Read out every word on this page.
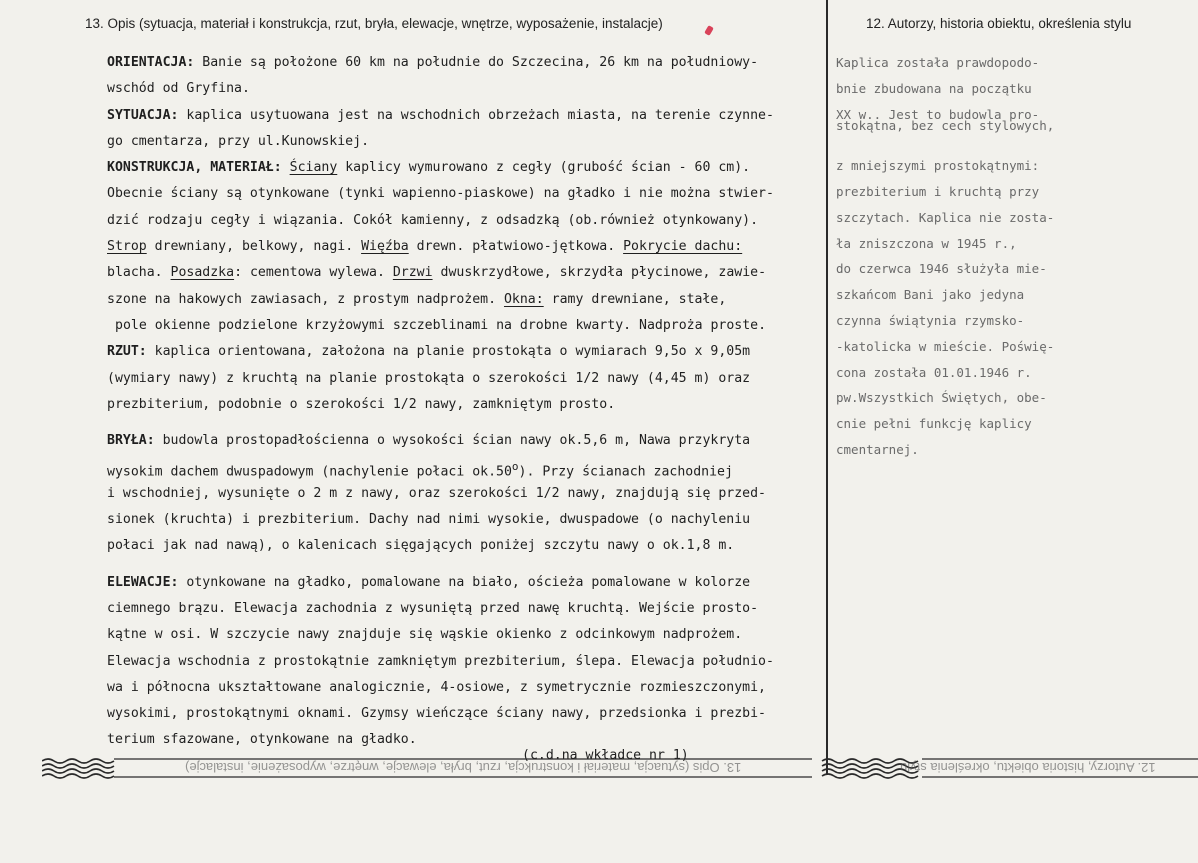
13. Opis (sytuacja, materiał i konstrukcja, rzut, bryła, elewacje, wnętrze, wyposażenie, instalacje)	12. Autorzy, historia obiektu, określenia stylu
ORIENTACJA: Banie są położone 60 km na południe do Szczecina, 26 km na południowy-
wschód od Gryfina.
SYTUACJA: kaplica usytuowana jest na wschodnich obrzeżach miasta, na terenie czynne-
go cmentarza, przy ul.Kunowskiej.
KONSTRUKCJA, MATERIAŁ: Ściany kaplicy wymurowano z cegły (grubość ścian - 60 cm).
Obecnie ściany są otynkowane (tynki wapienno-piaskowe) na gładko i nie można stwier-
dzić rodzaju cegły i wiązania. Cokół kamienny, z odsadzką (ob.również otynkowany).
Strop drewniany, belkowy, nagi. Więźba drewn. płatwiowo-jętkowa. Pokrycie dachu:
blacha. Posadzka: cementowa wylewa. Drzwi dwuskrzydłowe, skrzydła płycinowe, zawie-
szone na hakowych zawiasach, z prostym nadprożem. Okna: ramy drewniane, stałe,
pole okienne podzielone krzyżowymi szczeblinami na drobne kwarty. Nadproża proste.
RZUT: kaplica orientowana, założona na planie prostokąta o wymiarach 9,5o x 9,05m
(wymiary nawy) z kruchtą na planie prostokąta o szerokości 1/2 nawy (4,45 m) oraz
prezbiterium, podobnie o szerokości 1/2 nawy, zamkniętym prosto.
BRYŁA: budowla prostopadłościenna o wysokości ścian nawy ok.5,6 m, Nawa przykryta
wysokim dachem dwuspadowym (nachylenie połaci ok.50$^o$). Przy ścianach zachodniej
i wschodniej, wysunięte o 2 m z nawy, oraz szerokości 1/2 nawy, znajdują się przed-
sionek (kruchta) i prezbiterium. Dachy nad nimi wysokie, dwuspadowe (o nachyleniu
połaci jak nad nawą), o kalenicach sięgających poniżej szczytu nawy o ok.1,8 m.
ELEWACJE: otynkowane na gładko, pomalowane na biało, ościeża pomalowane w kolorze
ciemnego brązu. Elewacja zachodnia z wysuniętą przed nawę kruchtą. Wejście prosto-
kątne w osi. W szczycie nawy znajduje się wąskie okienko z odcinkowym nadprożem.
Elewacja wschodnia z prostokątnie zamkniętym prezbiterium, ślepa. Elewacja południo-
wa i północna ukształtowane analogicznie, 4-osiowe, z symetrycznie rozmieszczonymi,
wysokimi, prostokątnymi oknami. Gzymsy wieńczące ściany nawy, przedsionka i prezbi-
terium sfazowane, otynkowane na gładko.
(c.d.na wkładce nr 1)
Kaplica została prawdopodo-
bnie zbudowana na początku
XX w.. Jest to budowla pro-
stokątna, bez cech stylowych,
z mniejszymi prostokątnymi:
prezbiterium i kruchtą przy
szczytach. Kaplica nie zosta-
ła zniszczona w 1945 r.,
do czerwca 1946 służyła mie-
szkańcom Bani jako jedyna
czynna świątynia rzymsko-
-katolicka w mieście. Poświę-
cona została 01.01.1946 r.
pw.Wszystkich Świętych, obe-
cnie pełni funkcję kaplicy
cmentarnej.
13. Opis (sytuacja, materiał i konstrukcja, rzut, bryła, elewacje, wnętrze, wyposażenie, instalacje)	12. Autorzy, historia obiektu, określenia stylu
